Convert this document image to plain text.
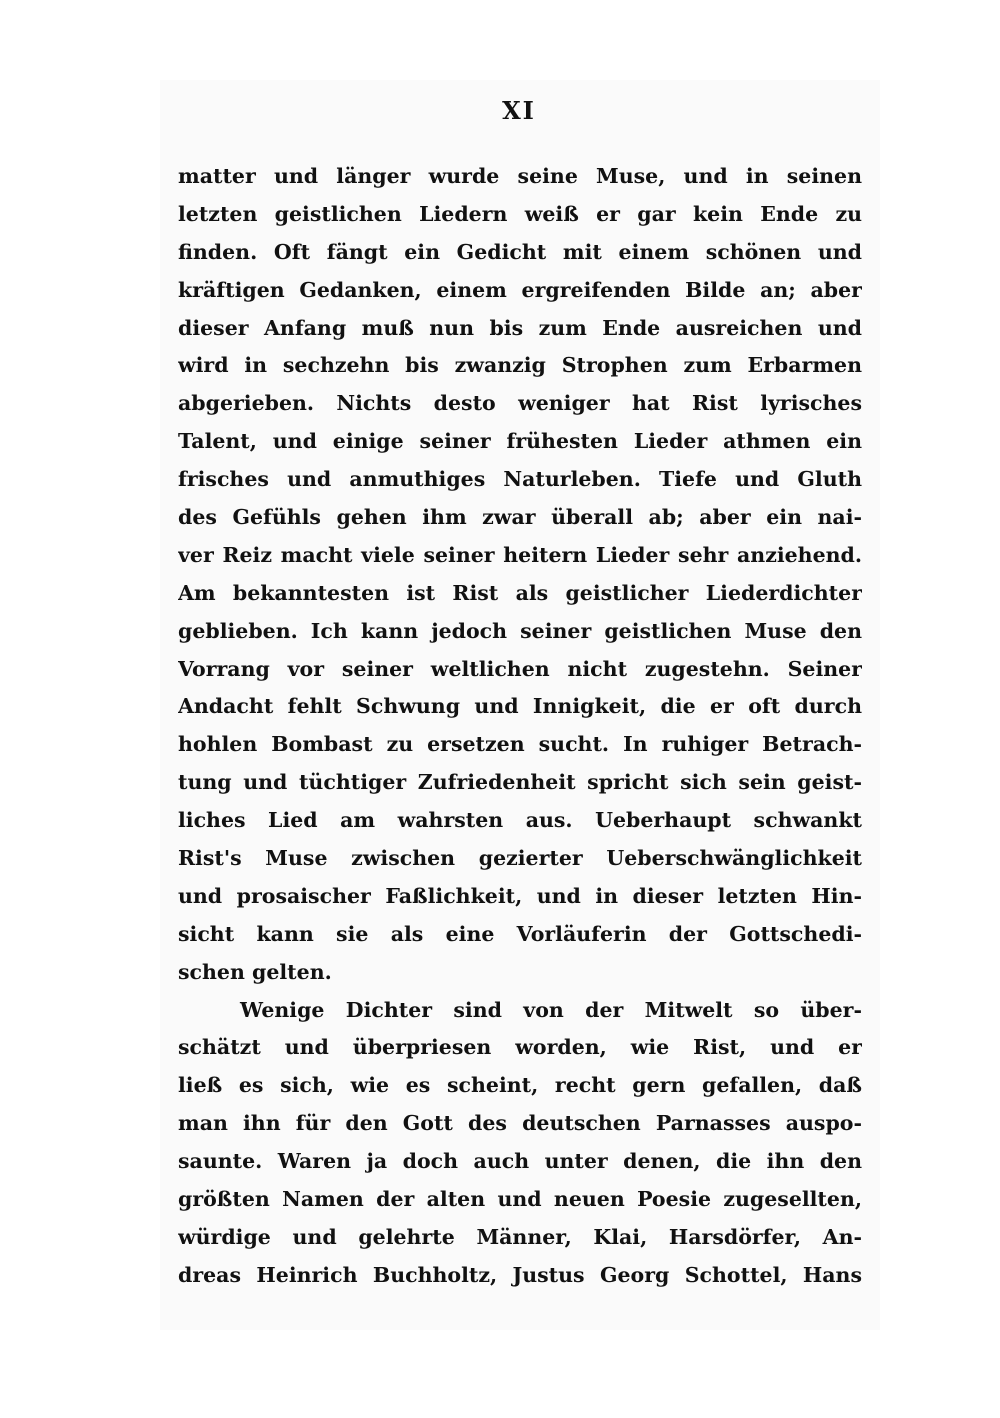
XI
matter und länger wurde seine Muse, und in seinen
letzten geistlichen Liedern weiß er gar kein Ende zu
finden. Oft fängt ein Gedicht mit einem schönen und
kräftigen Gedanken, einem ergreifenden Bilde an; aber
dieser Anfang muß nun bis zum Ende ausreichen und
wird in sechzehn bis zwanzig Strophen zum Erbarmen
abgerieben. Nichts desto weniger hat Rist lyrisches
Talent, und einige seiner frühesten Lieder athmen ein
frisches und anmuthiges Naturleben. Tiefe und Gluth
des Gefühls gehen ihm zwar überall ab; aber ein nai-
ver Reiz macht viele seiner heitern Lieder sehr anziehend.
Am bekanntesten ist Rist als geistlicher Liederdichter
geblieben. Ich kann jedoch seiner geistlichen Muse den
Vorrang vor seiner weltlichen nicht zugestehn. Seiner
Andacht fehlt Schwung und Innigkeit, die er oft durch
hohlen Bombast zu ersetzen sucht. In ruhiger Betrach-
tung und tüchtiger Zufriedenheit spricht sich sein geist-
liches Lied am wahrsten aus. Ueberhaupt schwankt
Rist's Muse zwischen gezierter Ueberschwänglichkeit
und prosaischer Faßlichkeit, und in dieser letzten Hin-
sicht kann sie als eine Vorläuferin der Gottschedi-
schen gelten.
Wenige Dichter sind von der Mitwelt so über-
schätzt und überpriesen worden, wie Rist, und er
ließ es sich, wie es scheint, recht gern gefallen, daß
man ihn für den Gott des deutschen Parnasses auspo-
saunte. Waren ja doch auch unter denen, die ihn den
größten Namen der alten und neuen Poesie zugesellten,
würdige und gelehrte Männer, Klai, Harsdörfer, An-
dreas Heinrich Buchholtz, Justus Georg Schottel, Hans
